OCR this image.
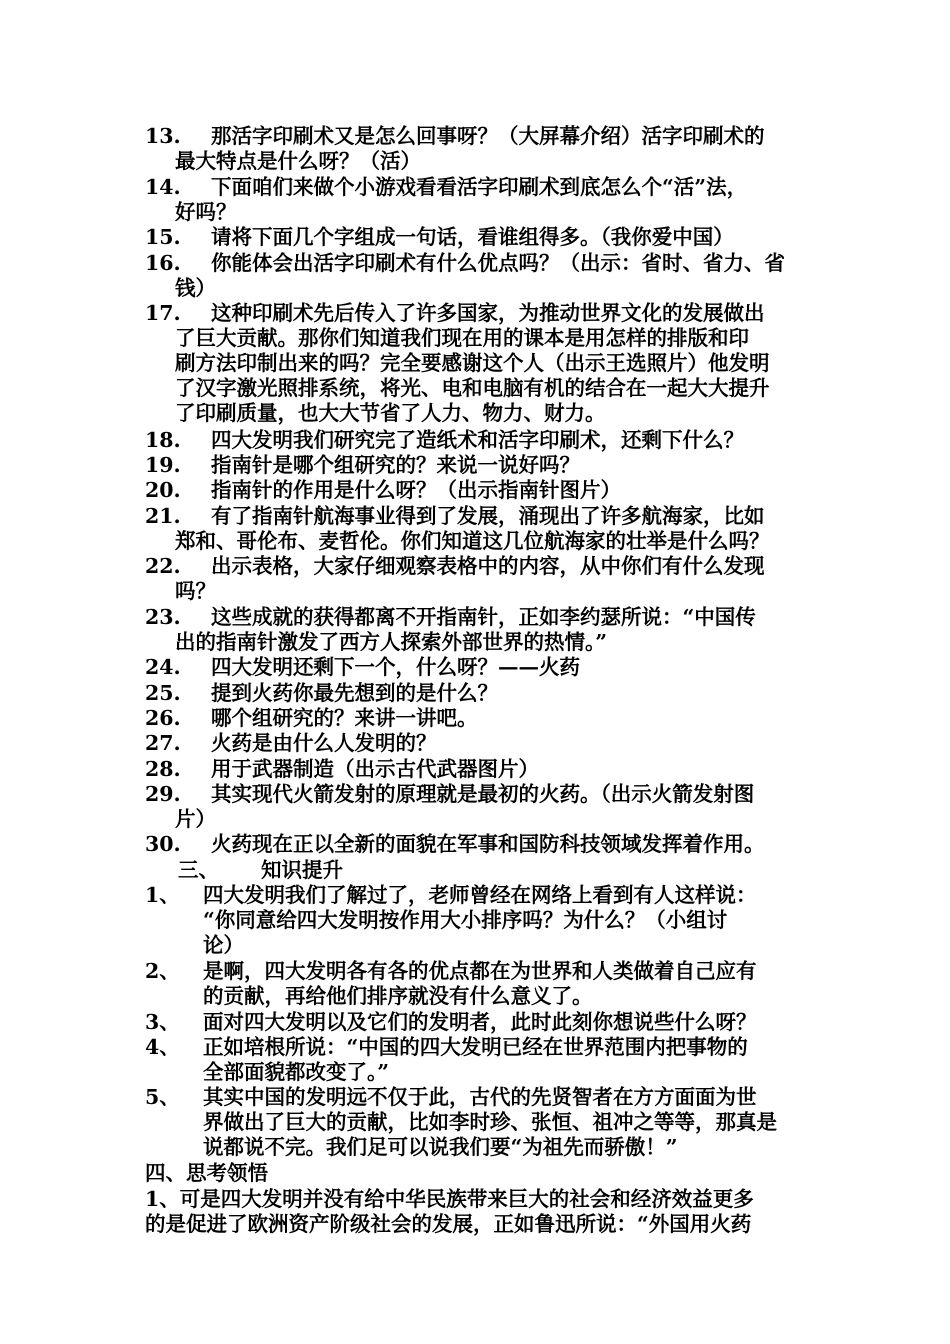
13.	那活字印刷术又是怎么回事呀？（大屏幕介绍）活字印刷术的
最大特点是什么呀？（活）
14.	下面咱们来做个小游戏看看活字印刷术到底怎么个“活”法，
好吗？
15.	请将下面几个字组成一句话，看谁组得多。（我你爱中国）
16.	你能体会出活字印刷术有什么优点吗？（出示：省时、省力、省
钱）
17.	这种印刷术先后传入了许多国家，为推动世界文化的发展做出
了巨大贡献。那你们知道我们现在用的课本是用怎样的排版和印
刷方法印制出来的吗？完全要感谢这个人（出示王选照片）他发明
了汉字激光照排系统，将光、电和电脑有机的结合在一起大大提升
了印刷质量，也大大节省了人力、物力、财力。
18.	四大发明我们研究完了造纸术和活字印刷术，还剩下什么？
19.	指南针是哪个组研究的？来说一说好吗？
20.	指南针的作用是什么呀？（出示指南针图片）
21.	有了指南针航海事业得到了发展，涌现出了许多航海家，比如
郑和、哥伦布、麦哲伦。你们知道这几位航海家的壮举是什么吗？
22.	出示表格，大家仔细观察表格中的内容，从中你们有什么发现
吗？
23.	这些成就的获得都离不开指南针，正如李约瑟所说：“中国传
出的指南针激发了西方人探索外部世界的热情。”
24.	四大发明还剩下一个，什么呀？——火药
25.	提到火药你最先想到的是什么？
26.	哪个组研究的？来讲一讲吧。
27.	火药是由什么人发明的？
28.	用于武器制造（出示古代武器图片）
29.	其实现代火箭发射的原理就是最初的火药。（出示火箭发射图
片）
30.	火药现在正以全新的面貌在军事和国防科技领域发挥着作用。
三、 知识提升
1、	四大发明我们了解过了，老师曾经在网络上看到有人这样说：
“你同意给四大发明按作用大小排序吗？为什么？（小组讨
论）
2、	是啊，四大发明各有各的优点都在为世界和人类做着自己应有
的贡献，再给他们排序就没有什么意义了。
3、	面对四大发明以及它们的发明者，此时此刻你想说些什么呀？
4、	正如培根所说：“中国的四大发明已经在世界范围内把事物的
全部面貌都改变了。”
5、	其实中国的发明远不仅于此，古代的先贤智者在方方面面为世
界做出了巨大的贡献，比如李时珍、张恒、祖冲之等等，那真是
说都说不完。我们足可以说我们要“为祖先而骄傲！”
四、思考领悟
1、可是四大发明并没有给中华民族带来巨大的社会和经济效益更多
的是促进了欧洲资产阶级社会的发展，正如鲁迅所说：“外国用火药
